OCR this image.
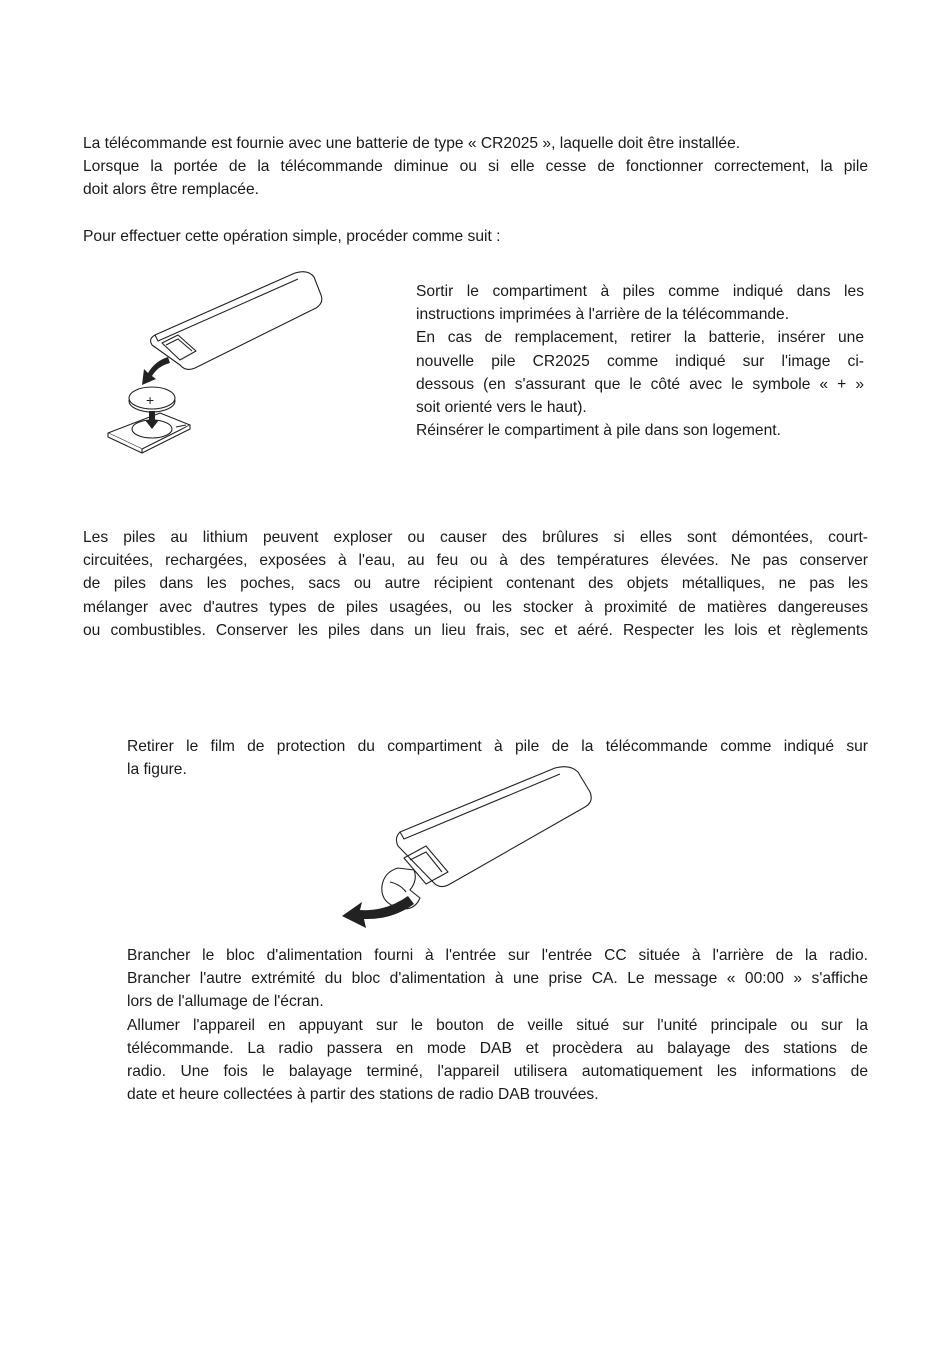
La télécommande est fournie avec une batterie de type « CR2025 », laquelle doit être installée.
Lorsque la portée de la télécommande diminue ou si elle cesse de fonctionner correctement, la pile
doit alors être remplacée.
Pour effectuer cette opération simple, procéder comme suit :
+
Sortir le compartiment à piles comme indiqué dans les
instructions imprimées à l'arrière de la télécommande.
En cas de remplacement, retirer la batterie, insérer une
nouvelle pile CR2025 comme indiqué sur l'image ci-
dessous (en s'assurant que le côté avec le symbole « + »
soit orienté vers le haut).
Réinsérer le compartiment à pile dans son logement.
Les piles au lithium peuvent exploser ou causer des brûlures si elles sont démontées, court-
circuitées, rechargées, exposées à l'eau, au feu ou à des températures élevées. Ne pas conserver
de piles dans les poches, sacs ou autre récipient contenant des objets métalliques, ne pas les
mélanger avec d'autres types de piles usagées, ou les stocker à proximité de matières dangereuses
ou combustibles. Conserver les piles dans un lieu frais, sec et aéré. Respecter les lois et règlements
Retirer le film de protection du compartiment à pile de la télécommande comme indiqué sur
la figure.
Brancher le bloc d'alimentation fourni à l'entrée sur l'entrée CC située à l'arrière de la radio.
Brancher l'autre extrémité du bloc d'alimentation à une prise CA. Le message « 00:00 » s'affiche
lors de l'allumage de l'écran.
Allumer l'appareil en appuyant sur le bouton de veille situé sur l'unité principale ou sur la
télécommande. La radio passera en mode DAB et procèdera au balayage des stations de
radio. Une fois le balayage terminé, l'appareil utilisera automatiquement les informations de
date et heure collectées à partir des stations de radio DAB trouvées.
